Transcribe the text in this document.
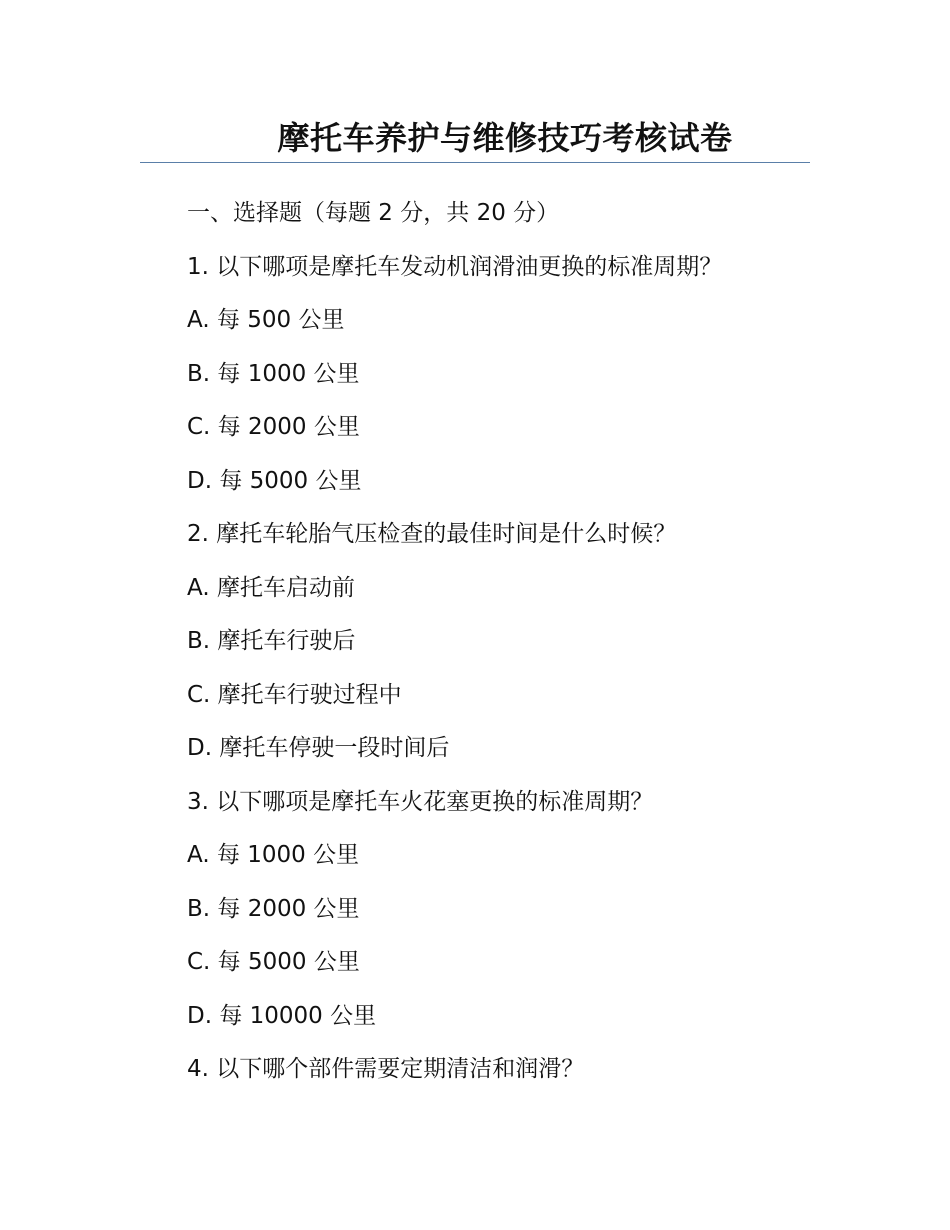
摩托车养护与维修技巧考核试卷
一、选择题（每题 2 分，共 20 分）
1. 以下哪项是摩托车发动机润滑油更换的标准周期？
A. 每 500 公里
B. 每 1000 公里
C. 每 2000 公里
D. 每 5000 公里
2. 摩托车轮胎气压检查的最佳时间是什么时候？
A. 摩托车启动前
B. 摩托车行驶后
C. 摩托车行驶过程中
D. 摩托车停驶一段时间后
3. 以下哪项是摩托车火花塞更换的标准周期？
A. 每 1000 公里
B. 每 2000 公里
C. 每 5000 公里
D. 每 10000 公里
4. 以下哪个部件需要定期清洁和润滑？
